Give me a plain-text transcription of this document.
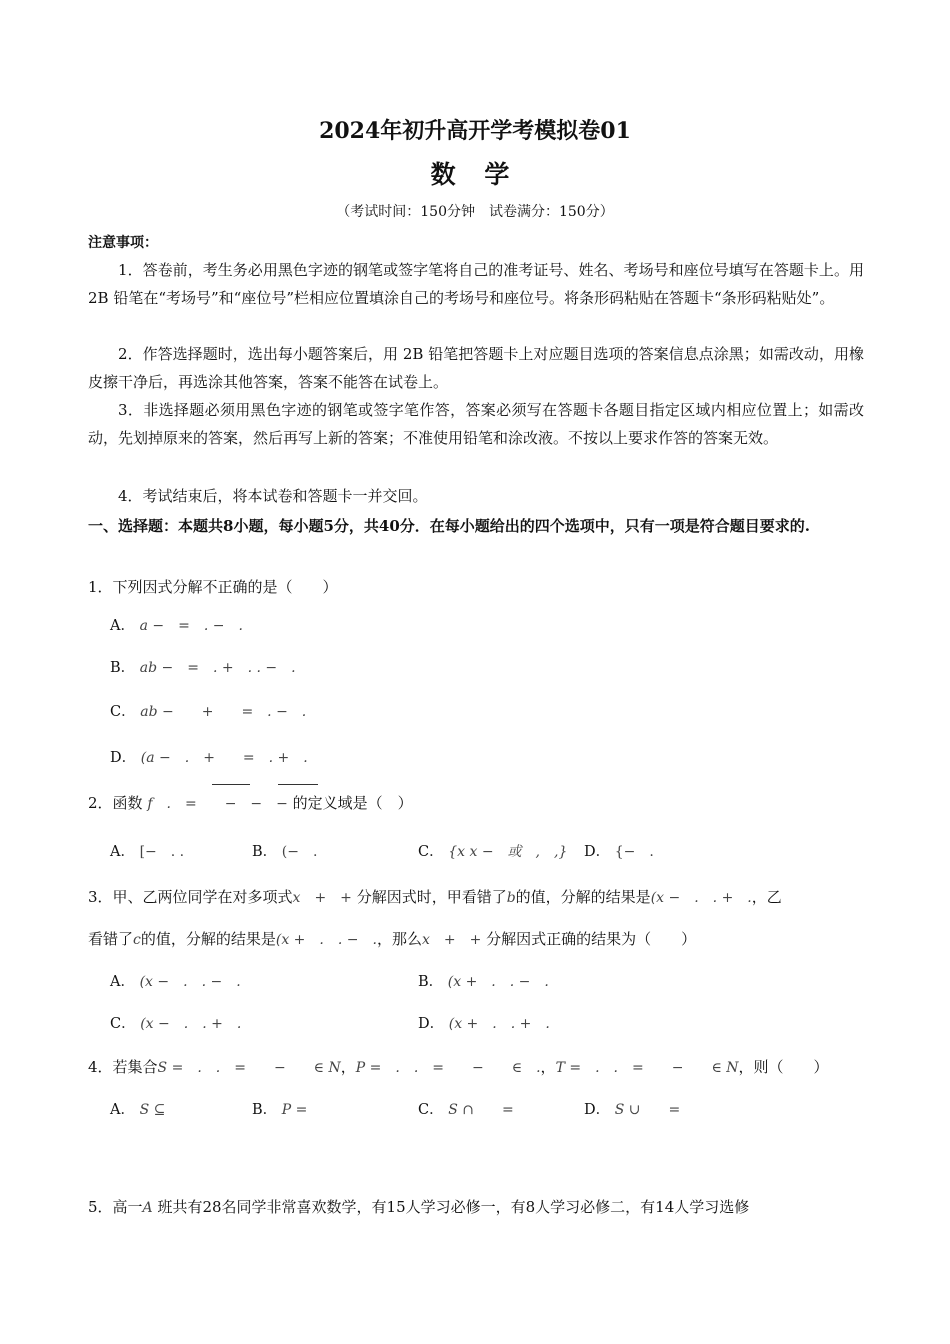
2024年初升高开学考模拟卷01
数 学
（考试时间：150分钟　试卷满分：150分）
注意事项：
1．答卷前，考生务必用黑色字迹的钢笔或签字笔将自己的准考证号、姓名、考场号和座位号填写在答题卡上。用 2B 铅笔在“考场号”和“座位号”栏相应位置填涂自己的考场号和座位号。将条形码粘贴在答题卡“条形码粘贴处”。
2．作答选择题时，选出每小题答案后，用 2B 铅笔把答题卡上对应题目选项的答案信息点涂黑；如需改动，用橡皮擦干净后，再选涂其他答案，答案不能答在试卷上。
3．非选择题必须用黑色字迹的钢笔或签字笔作答，答案必须写在答题卡各题目指定区域内相应位置上；如需改动，先划掉原来的答案，然后再写上新的答案；不准使用铅笔和涂改液。不按以上要求作答的答案无效。
4．考试结束后，将本试卷和答题卡一并交回。
一、选择题：本题共8小题，每小题5分，共40分．在每小题给出的四个选项中，只有一项是符合题目要求的.
1．下列因式分解不正确的是（　　）
A． a −　=　. −　.
B． ab −　=　. +　. . −　.
C． ab −　　+　　=　. −　.
D． (a −　.　+　　=　. +　.
2．函数 f　.　=　　−　−　− 的定义域是（　）
A． [−　. .	B． (−　.	C． {x x −　或　,　,} D． {−　.
3．甲、乙两位同学在对多项式x　+　+ 分解因式时，甲看错了b的值，分解的结果是(x −　.　. +　.，乙
看错了c的值，分解的结果是(x +　.　. −　.，那么x　+　+ 分解因式正确的结果为（　　）
A． (x −　.　. −　.	B． (x +　.　. −　.
C． (x −　.　. +　.	D． (x +　.　. +　.
4．若集合S =　.　.　=　　−　　∈ N，P =　.　.　=　　−　　∈　.，T =　.　.　=　　−　　∈ N，则（　　）
A． S ⊆	B． P =	C． S ∩　　=	D． S ∪　　=
5．高一A 班共有28名同学非常喜欢数学，有15人学习必修一，有8人学习必修二，有14人学习选修
